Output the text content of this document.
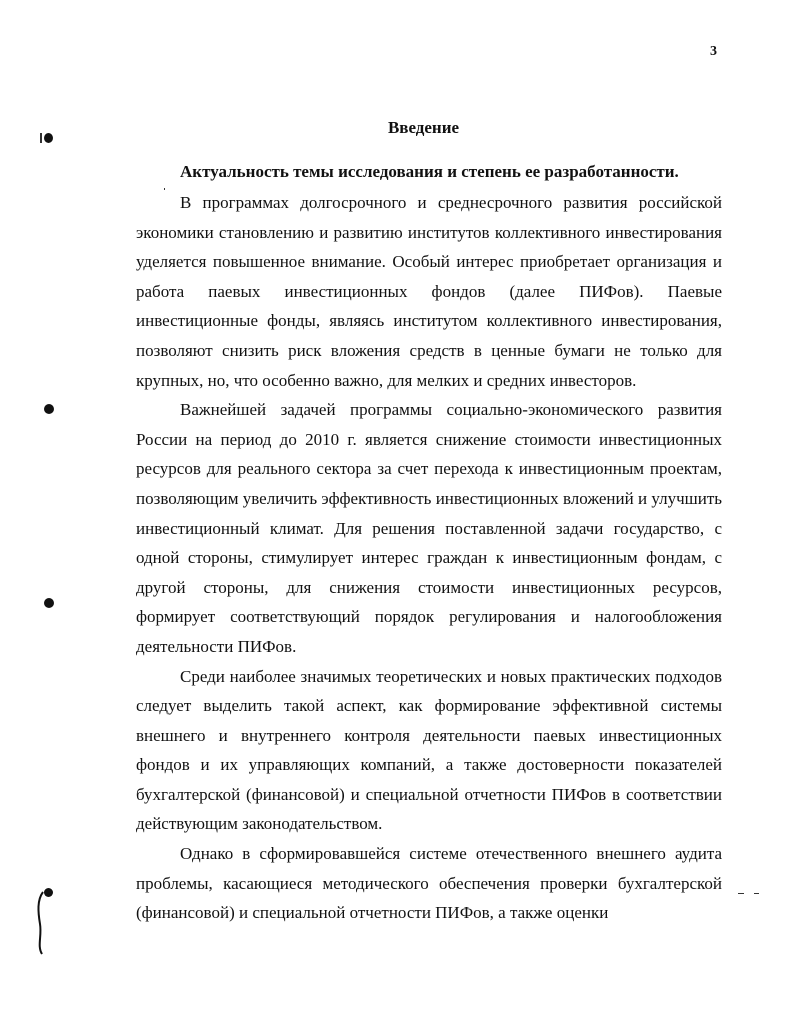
3
Введение
Актуальность темы исследования и степень ее разработанности.

В программах долгосрочного и среднесрочного развития российской экономики становлению и развитию институтов коллективного инвестирования уделяется повышенное внимание. Особый интерес приобретает организация и работа паевых инвестиционных фондов (далее ПИФов). Паевые инвестиционные фонды, являясь институтом коллективного инвестирования, позволяют снизить риск вложения средств в ценные бумаги не только для крупных, но, что особенно важно, для мелких и средних инвесторов.

Важнейшей задачей программы социально-экономического развития России на период до 2010 г. является снижение стоимости инвестиционных ресурсов для реального сектора за счет перехода к инвестиционным проектам, позволяющим увеличить эффективность инвестиционных вложений и улучшить инвестиционный климат. Для решения поставленной задачи государство, с одной стороны, стимулирует интерес граждан к инвестиционным фондам, с другой стороны, для снижения стоимости инвестиционных ресурсов, формирует соответствующий порядок регулирования и налогообложения деятельности ПИФов.

Среди наиболее значимых теоретических и новых практических подходов следует выделить такой аспект, как формирование эффективной системы внешнего и внутреннего контроля деятельности паевых инвестиционных фондов и их управляющих компаний, а также достоверности показателей бухгалтерской (финансовой) и специальной отчетности ПИФов в соответствии действующим законодательством.

Однако в сформировавшейся системе отечественного внешнего аудита проблемы, касающиеся методического обеспечения проверки бухгалтерской (финансовой) и специальной отчетности ПИФов, а также оценки
